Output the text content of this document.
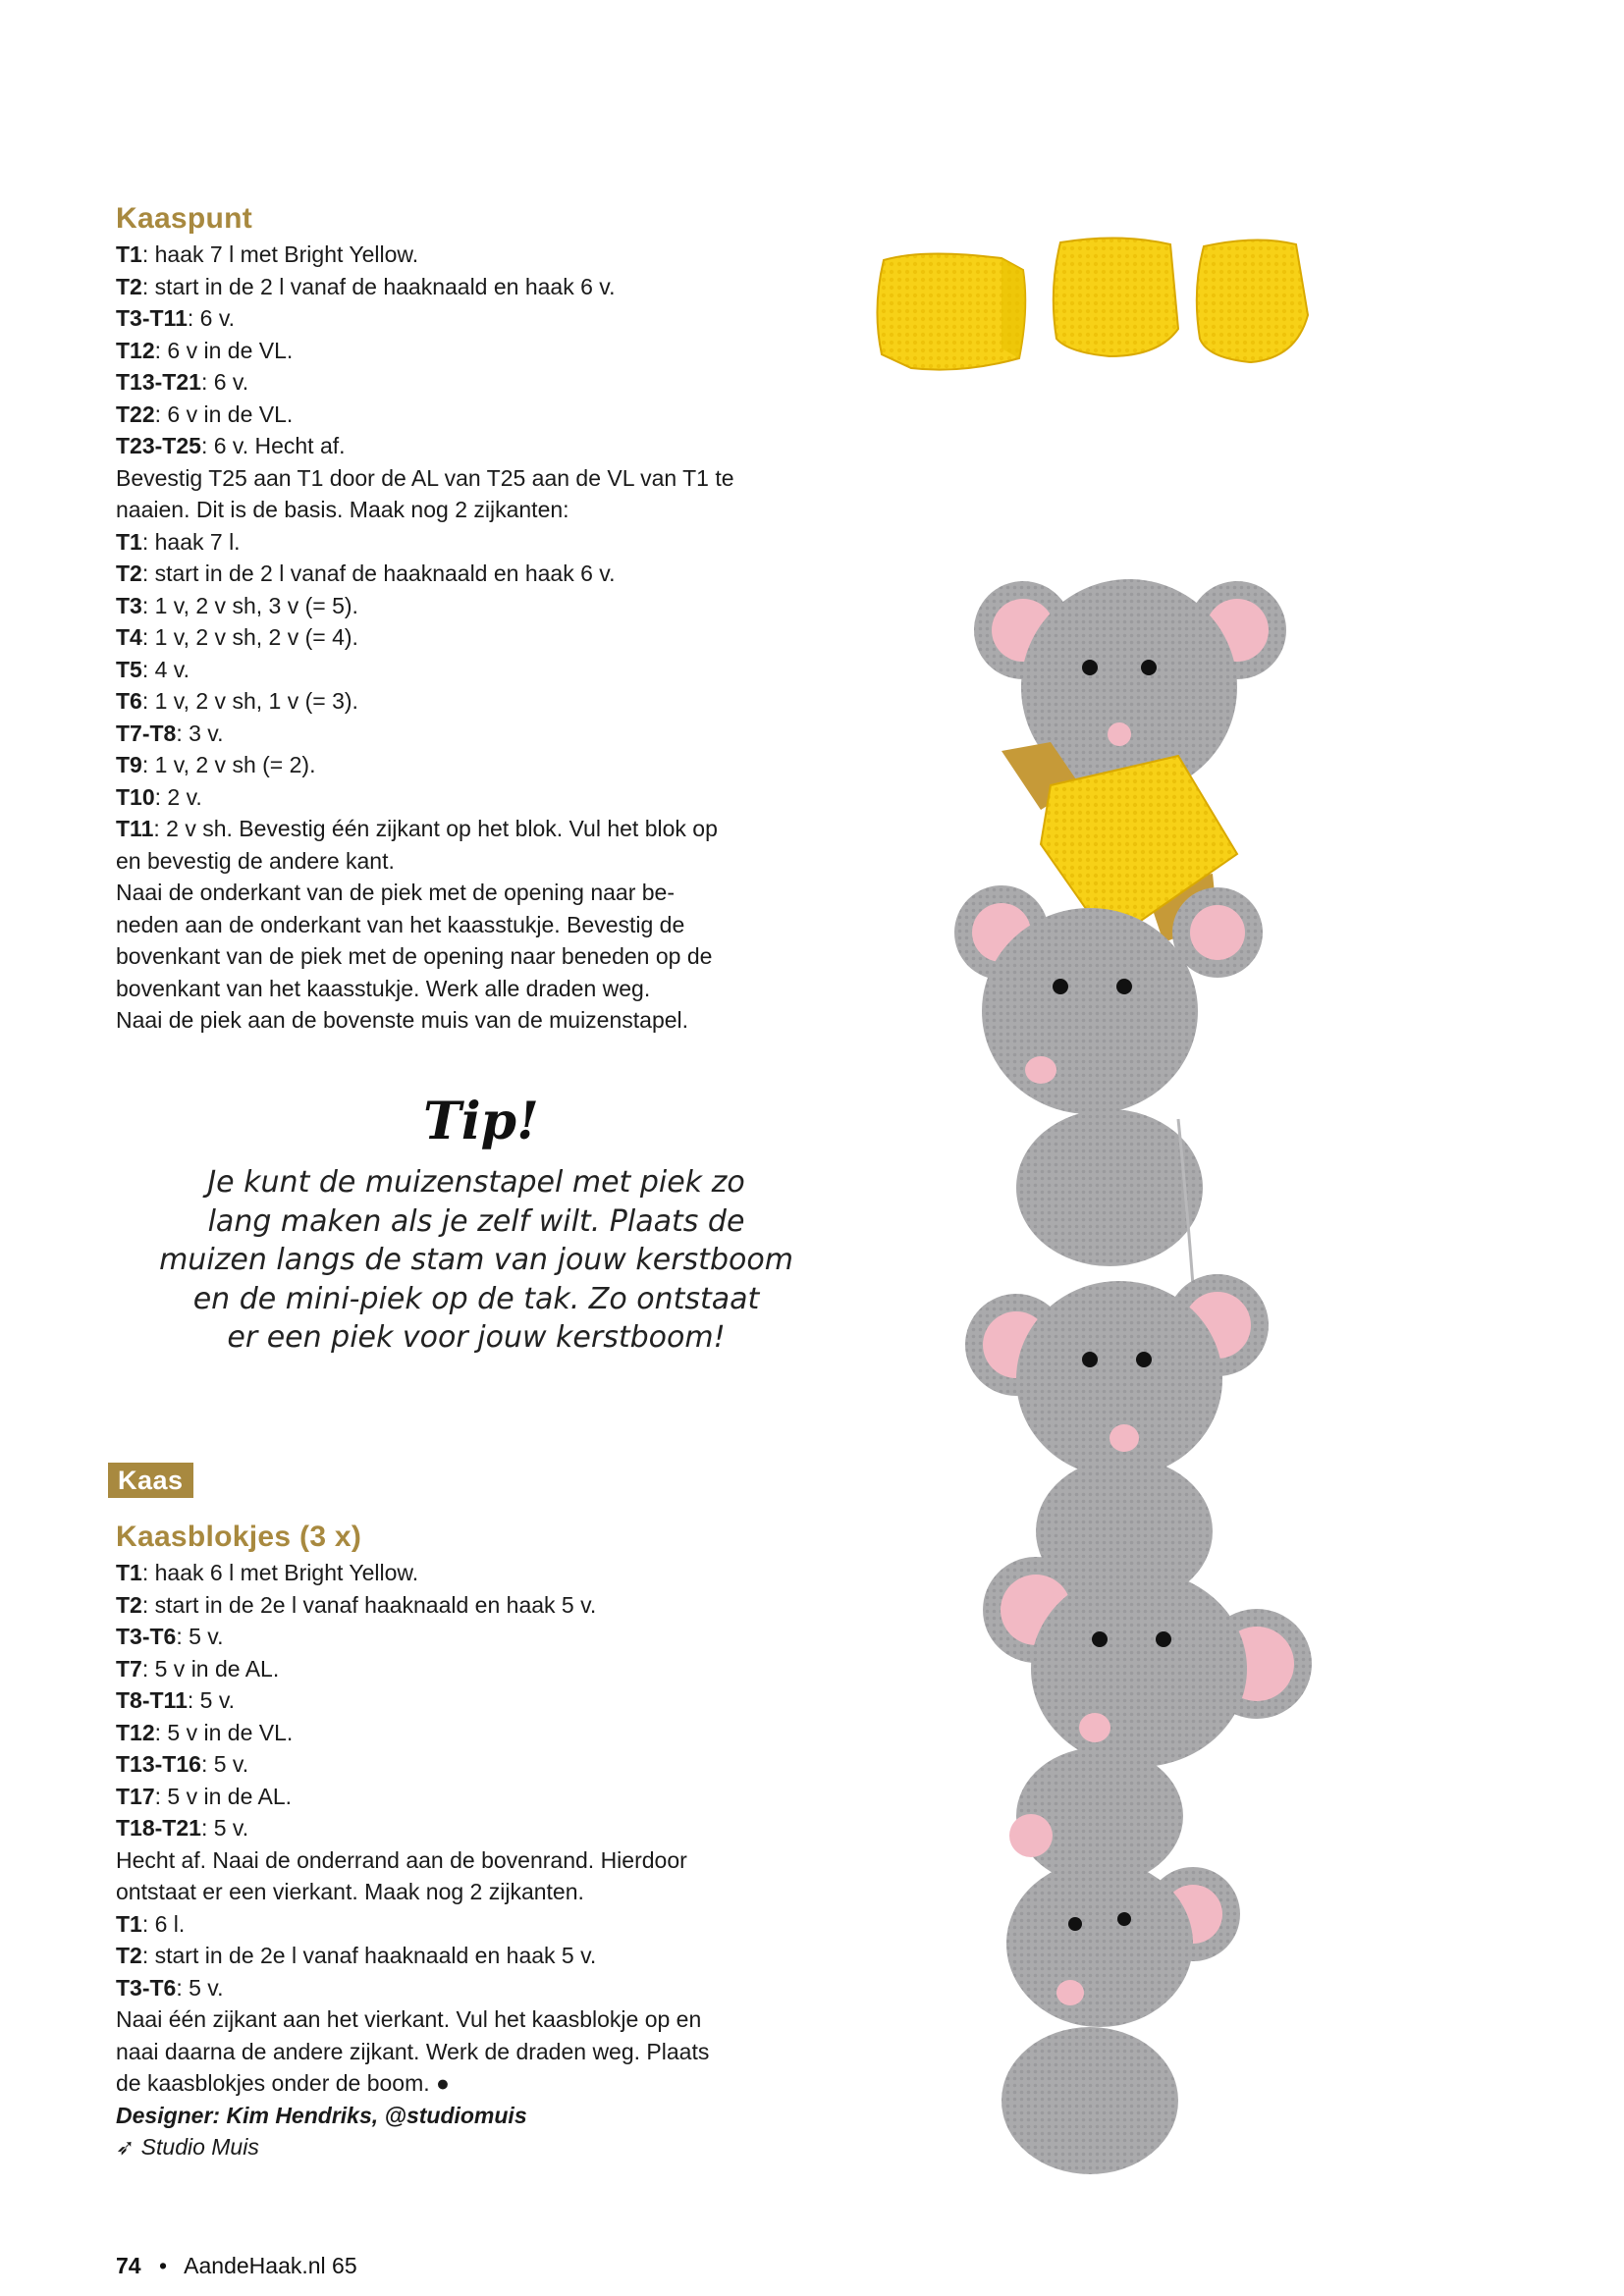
Kaaspunt
T1: haak 7 l met Bright Yellow.
T2: start in de 2 l vanaf de haaknaald en haak 6 v.
T3-T11: 6 v.
T12: 6 v in de VL.
T13-T21: 6 v.
T22: 6 v in de VL.
T23-T25: 6 v. Hecht af.
Bevestig T25 aan T1 door de AL van T25 aan de VL van T1 te
naaien. Dit is de basis. Maak nog 2 zijkanten:
T1: haak 7 l.
T2: start in de 2 l vanaf de haaknaald en haak 6 v.
T3: 1 v, 2 v sh, 3 v (= 5).
T4: 1 v, 2 v sh, 2 v (= 4).
T5: 4 v.
T6: 1 v, 2 v sh, 1 v (= 3).
T7-T8: 3 v.
T9: 1 v, 2 v sh (= 2).
T10: 2 v.
T11: 2 v sh. Bevestig één zijkant op het blok. Vul het blok op
en bevestig de andere kant.
Naai de onderkant van de piek met de opening naar be-
neden aan de onderkant van het kaasstukje. Bevestig de
bovenkant van de piek met de opening naar beneden op de
bovenkant van het kaasstukje. Werk alle draden weg.
Naai de piek aan de bovenste muis van de muizenstapel.
Tip!
Je kunt de muizenstapel met piek zo
lang maken als je zelf wilt. Plaats de
muizen langs de stam van jouw kerstboom
en de mini-piek op de tak. Zo ontstaat
er een piek voor jouw kerstboom!
Kaas
Kaasblokjes (3 x)
T1: haak 6 l met Bright Yellow.
T2: start in de 2e l vanaf haaknaald en haak 5 v.
T3-T6: 5 v.
T7: 5 v in de AL.
T8-T11: 5 v.
T12: 5 v in de VL.
T13-T16: 5 v.
T17: 5 v in de AL.
T18-T21: 5 v.
Hecht af. Naai de onderrand aan de bovenrand. Hierdoor
ontstaat er een vierkant. Maak nog 2 zijkanten.
T1: 6 l.
T2: start in de 2e l vanaf haaknaald en haak 5 v.
T3-T6: 5 v.
Naai één zijkant aan het vierkant. Vul het kaasblokje op en
naai daarna de andere zijkant. Werk de draden weg. Plaats
de kaasblokjes onder de boom. ●
Designer: Kim Hendriks, @studiomuis
➶ Studio Muis
74 • AandeHaak.nl 65
